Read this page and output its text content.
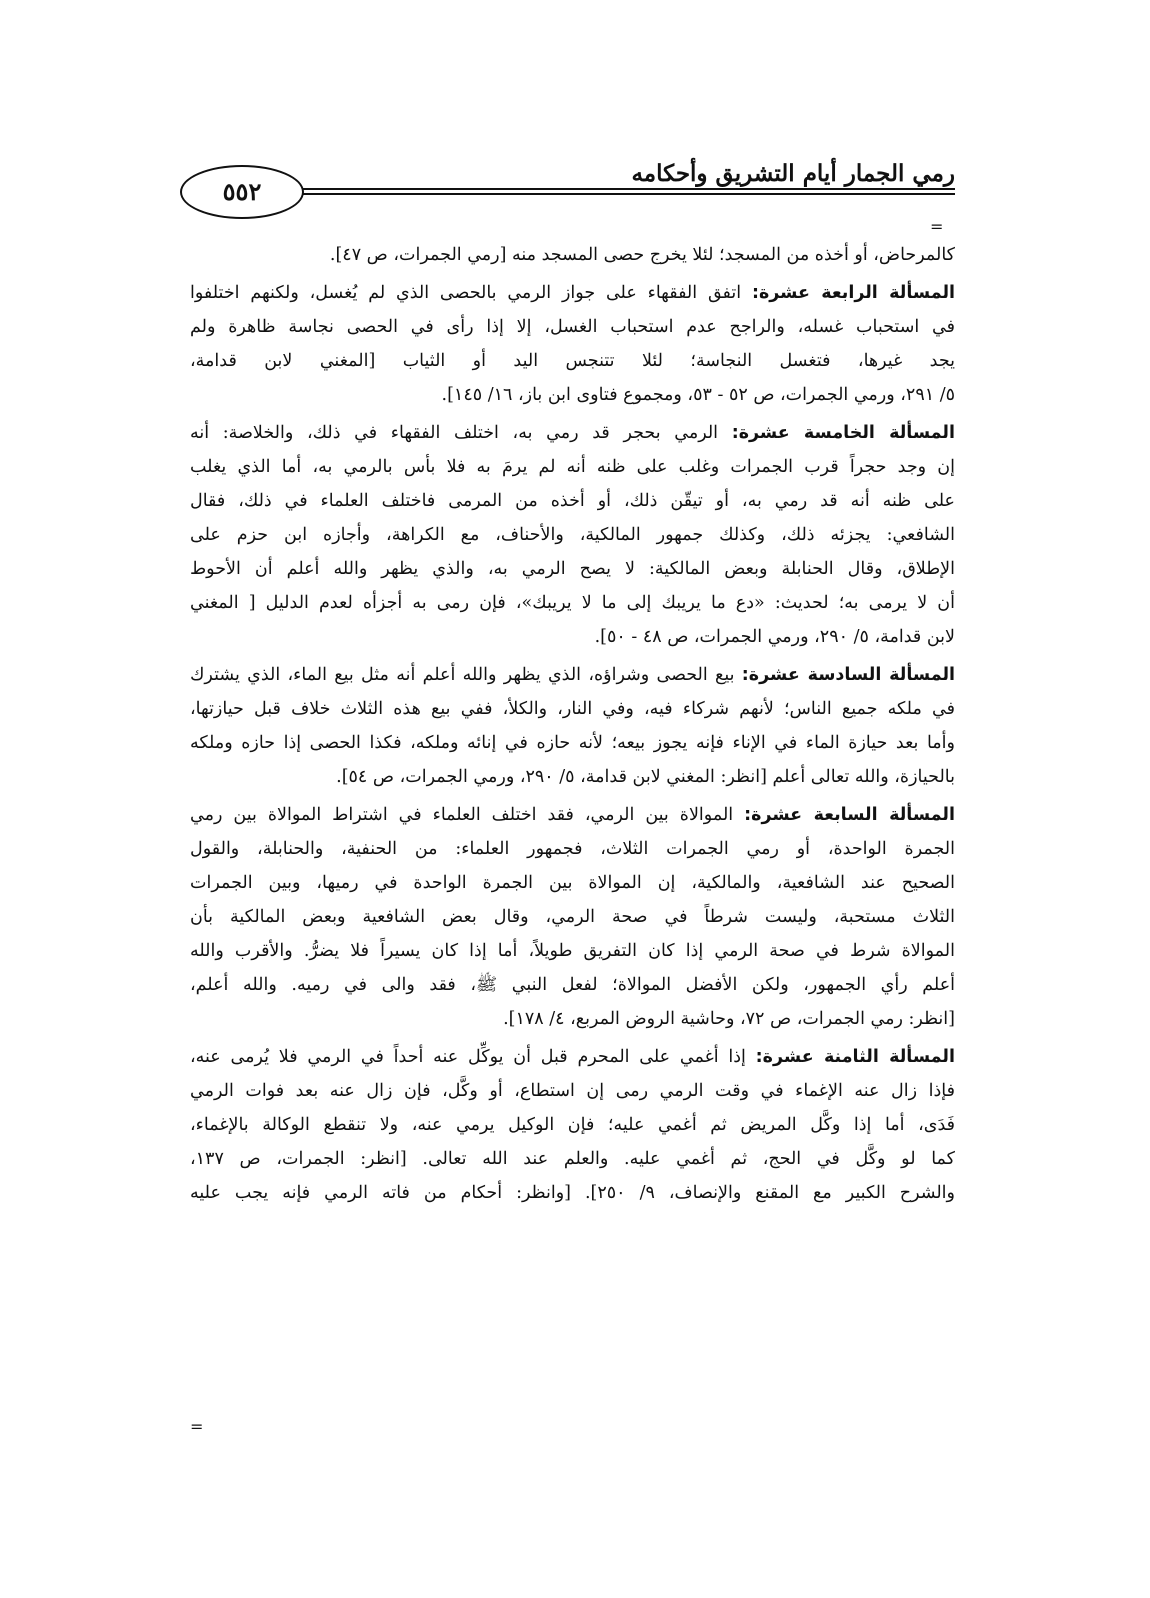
رمي الجمار أيام التشريق وأحكامه
٥٥٢
=
كالمرحاض، أو أخذه من المسجد؛ لئلا يخرج حصى المسجد منه [رمي الجمرات، ص ٤٧].
المسألة الرابعة عشرة: اتفق الفقهاء على جواز الرمي بالحصى الذي لم يُغسل، ولكنهم اختلفوا
في استحباب غسله، والراجح عدم استحباب الغسل، إلا إذا رأى في الحصى نجاسة ظاهرة ولم
يجد غيرها، فتغسل النجاسة؛ لئلا تتنجس اليد أو الثياب [المغني لابن قدامة،
٥/ ٢٩١، ورمي الجمرات، ص ٥٢ - ٥٣، ومجموع فتاوى ابن باز، ١٦/ ١٤٥].
المسألة الخامسة عشرة: الرمي بحجر قد رمي به، اختلف الفقهاء في ذلك، والخلاصة: أنه
إن وجد حجراً قرب الجمرات وغلب على ظنه أنه لم يرمَ به فلا بأس بالرمي به، أما الذي يغلب
على ظنه أنه قد رمي به، أو تيقّن ذلك، أو أخذه من المرمى فاختلف العلماء في ذلك، فقال
الشافعي: يجزئه ذلك، وكذلك جمهور المالكية، والأحناف، مع الكراهة، وأجازه ابن حزم على
الإطلاق، وقال الحنابلة وبعض المالكية: لا يصح الرمي به، والذي يظهر والله أعلم أن الأحوط
أن لا يرمى به؛ لحديث: «دع ما يريبك إلى ما لا يريبك»، فإن رمى به أجزأه لعدم الدليل [ المغني
لابن قدامة، ٥/ ٢٩٠، ورمي الجمرات، ص ٤٨ - ٥٠].
المسألة السادسة عشرة: بيع الحصى وشراؤه، الذي يظهر والله أعلم أنه مثل بيع الماء، الذي يشترك
في ملكه جميع الناس؛ لأنهم شركاء فيه، وفي النار، والكلأ، ففي بيع هذه الثلاث خلاف قبل حيازتها،
وأما بعد حيازة الماء في الإناء فإنه يجوز بيعه؛ لأنه حازه في إنائه وملكه، فكذا الحصى إذا حازه وملكه
بالحيازة، والله تعالى أعلم [انظر: المغني لابن قدامة، ٥/ ٢٩٠، ورمي الجمرات، ص ٥٤].
المسألة السابعة عشرة: الموالاة بين الرمي، فقد اختلف العلماء في اشتراط الموالاة بين رمي
الجمرة الواحدة، أو رمي الجمرات الثلاث، فجمهور العلماء: من الحنفية، والحنابلة، والقول
الصحيح عند الشافعية، والمالكية، إن الموالاة بين الجمرة الواحدة في رميها، وبين الجمرات
الثلاث مستحبة، وليست شرطاً في صحة الرمي، وقال بعض الشافعية وبعض المالكية بأن
الموالاة شرط في صحة الرمي إذا كان التفريق طويلاً، أما إذا كان يسيراً فلا يضرُّ. والأقرب والله
أعلم رأي الجمهور، ولكن الأفضل الموالاة؛ لفعل النبي ﷺ، فقد والى في رميه. والله أعلم،
[انظر: رمي الجمرات، ص ٧٢، وحاشية الروض المربع، ٤/ ١٧٨].
المسألة الثامنة عشرة: إذا أغمي على المحرم قبل أن يوكِّل عنه أحداً في الرمي فلا يُرمى عنه،
فإذا زال عنه الإغماء في وقت الرمي رمى إن استطاع، أو وكَّل، فإن زال عنه بعد فوات الرمي
فَدَى، أما إذا وكَّل المريض ثم أغمي عليه؛ فإن الوكيل يرمي عنه، ولا تنقطع الوكالة بالإغماء،
كما لو وكَّل في الحج، ثم أغمي عليه. والعلم عند الله تعالى. [انظر: الجمرات، ص ١٣٧،
والشرح الكبير مع المقنع والإنصاف، ٩/ ٢٥٠]. [وانظر: أحكام من فاته الرمي فإنه يجب عليه
=
